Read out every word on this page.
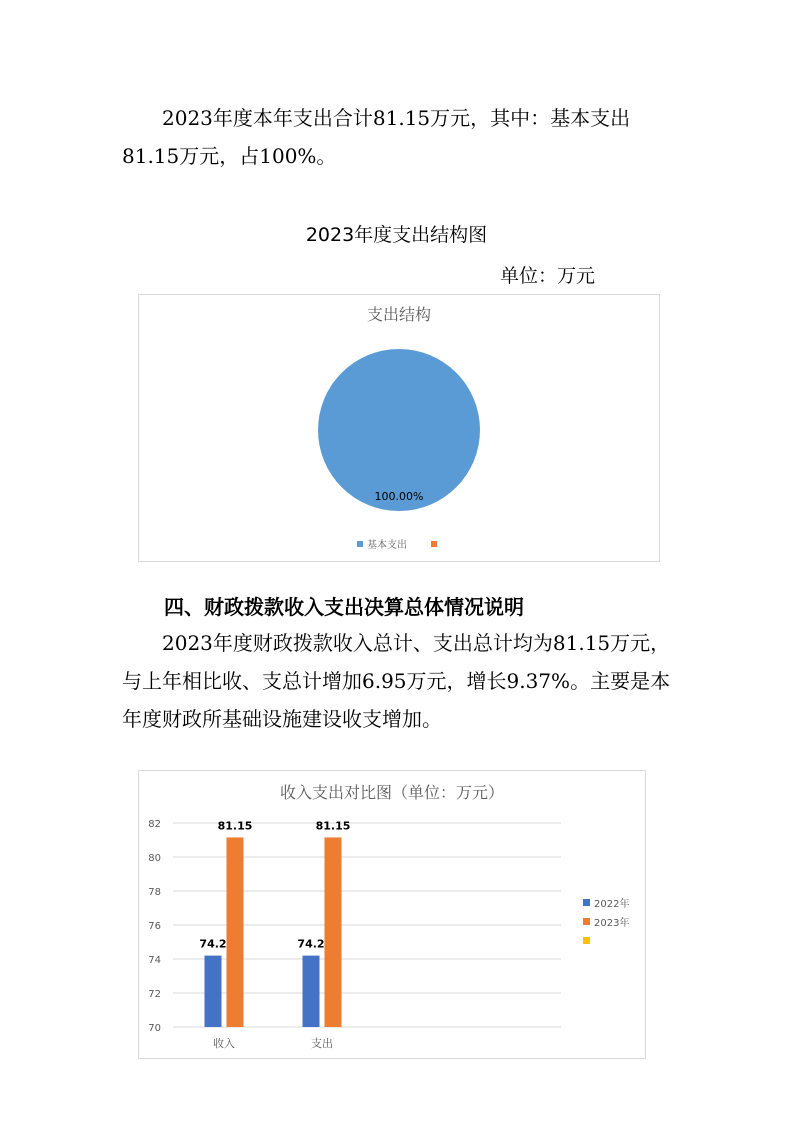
2023年度本年支出合计81.15万元，其中：基本支出81.15万元，占100%。

2023年度支出结构图
单位：万元
支出结构
100.00%
基本支出
四、财政拨款收入支出决算总体情况说明

2023年度财政拨款收入总计、支出总计均为81.15万元，与上年相比收、支总计增加6.95万元，增长9.37%。主要是本年度财政所基础设施建设收支增加。

收入支出对比图（单位：万元）
70
72
74
76
78
80
82
74.2
81.15
74.2
81.15
收入	支出
2022年
2023年
